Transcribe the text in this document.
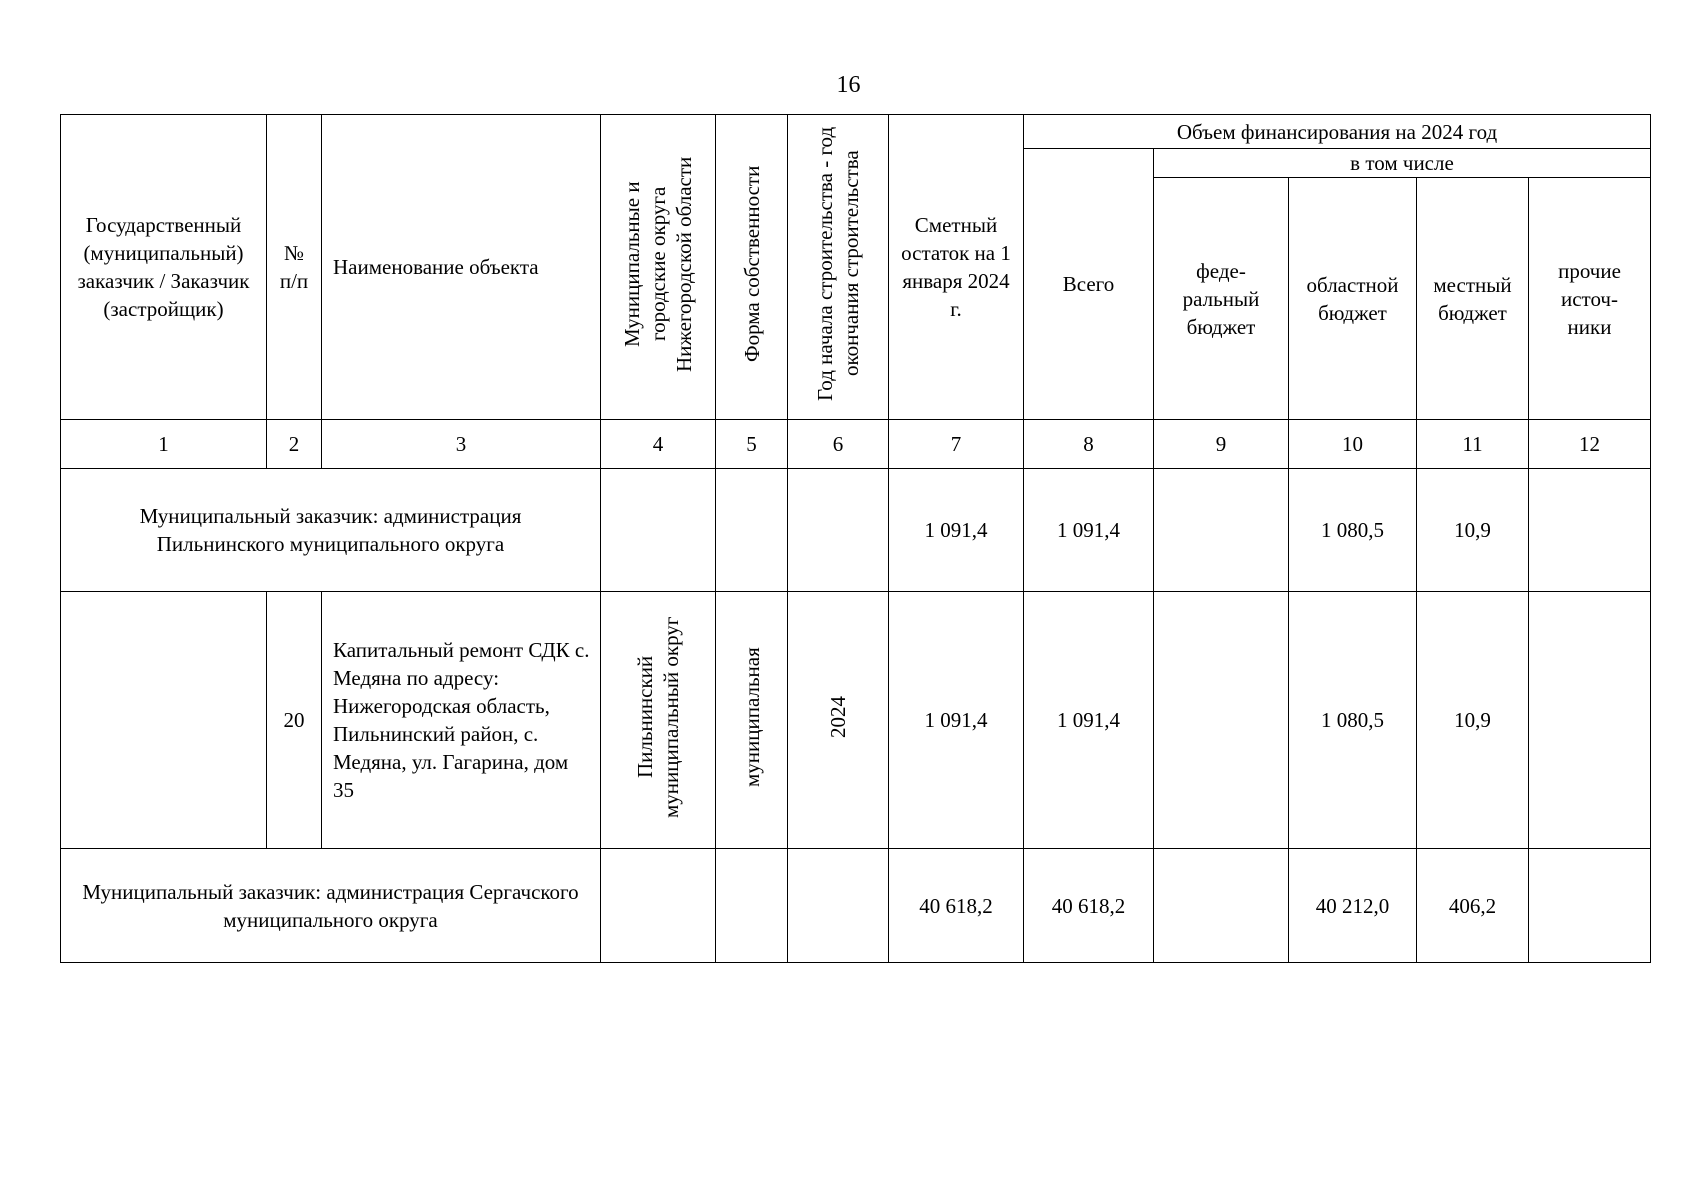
16
Государственный (муниципальный) заказчик / Заказчик (застройщик)	№ п/п	Наименование объекта	Муниципальные и городские округа Нижегородской области	Форма собственности	Год начала строительства - год окончания строительства	Сметный остаток на 1 января 2024 г.	Объем финансирования на 2024 год				
							Всего	в том числе			
								феде-ральный бюджет	областной бюджет	местный бюджет	прочие источ-ники
1	2	3	4	5	6	7	8	9	10	11	12
Муниципальный заказчик: администрация Пильнинского муниципального округа						1 091,4	1 091,4		1 080,5	10,9	
	20	Капитальный ремонт СДК с. Медяна по адресу: Нижегородская область, Пильнинский район, с. Медяна, ул. Гагарина, дом 35	Пильнинский муниципальный округ	муниципальная	2024	1 091,4	1 091,4		1 080,5	10,9	
Муниципальный заказчик: администрация Сергачского муниципального округа						40 618,2	40 618,2		40 212,0	406,2	
